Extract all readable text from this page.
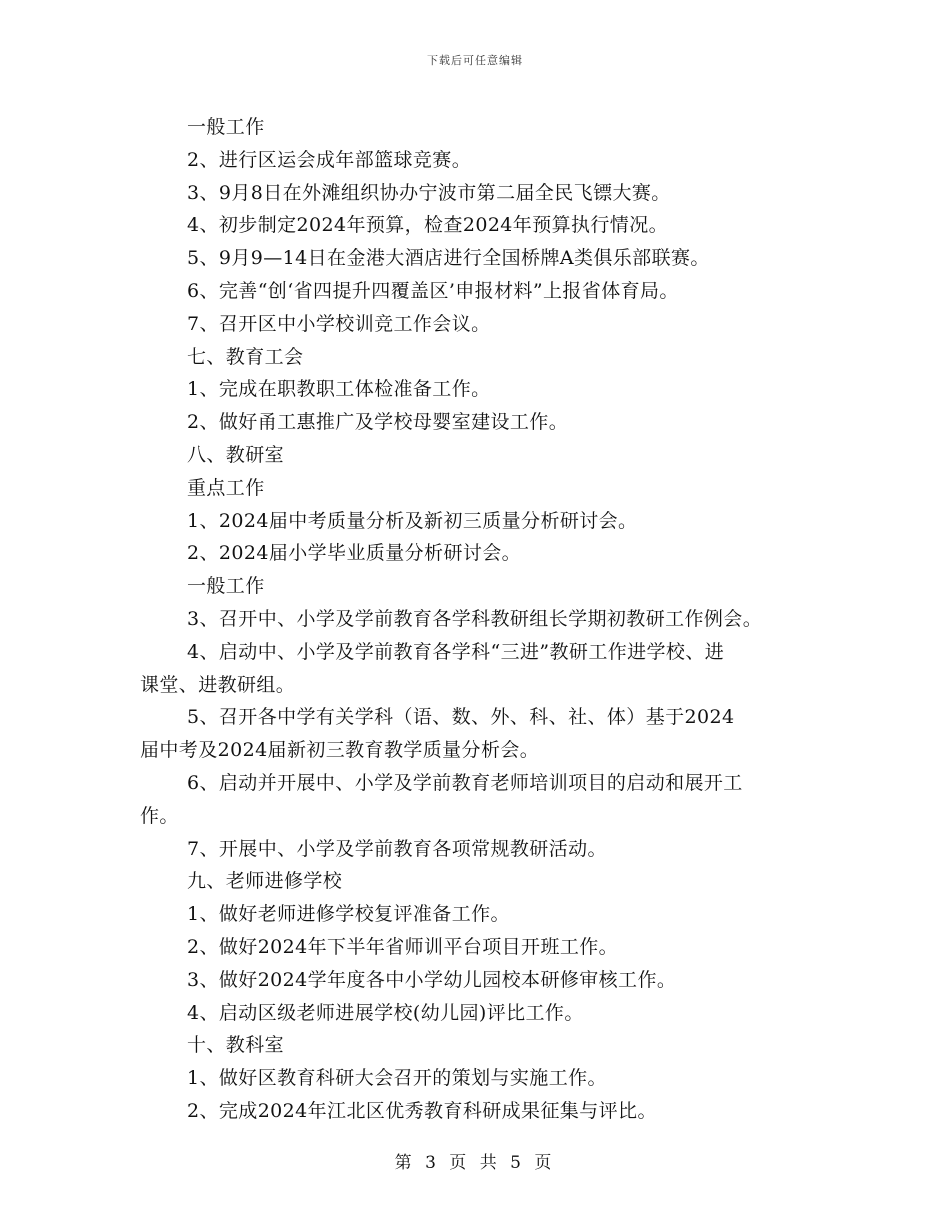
下载后可任意编辑
一般工作
2、进行区运会成年部篮球竞赛。
3、9月8日在外滩组织协办宁波市第二届全民飞镖大赛。
4、初步制定2024年预算，检查2024年预算执行情况。
5、9月9—14日在金港大酒店进行全国桥牌A类俱乐部联赛。
6、完善“创‘省四提升四覆盖区’申报材料”上报省体育局。
7、召开区中小学校训竞工作会议。
七、教育工会
1、完成在职教职工体检准备工作。
2、做好甬工惠推广及学校母婴室建设工作。
八、教研室
重点工作
1、2024届中考质量分析及新初三质量分析研讨会。
2、2024届小学毕业质量分析研讨会。
一般工作
3、召开中、小学及学前教育各学科教研组长学期初教研工作例会。
4、启动中、小学及学前教育各学科“三进”教研工作进学校、进
课堂、进教研组。
5、召开各中学有关学科（语、数、外、科、社、体）基于2024
届中考及2024届新初三教育教学质量分析会。
6、启动并开展中、小学及学前教育老师培训项目的启动和展开工
作。
7、开展中、小学及学前教育各项常规教研活动。
九、老师进修学校
1、做好老师进修学校复评准备工作。
2、做好2024年下半年省师训平台项目开班工作。
3、做好2024学年度各中小学幼儿园校本研修审核工作。
4、启动区级老师进展学校(幼儿园)评比工作。
十、教科室
1、做好区教育科研大会召开的策划与实施工作。
2、完成2024年江北区优秀教育科研成果征集与评比。
第 3 页 共 5 页
